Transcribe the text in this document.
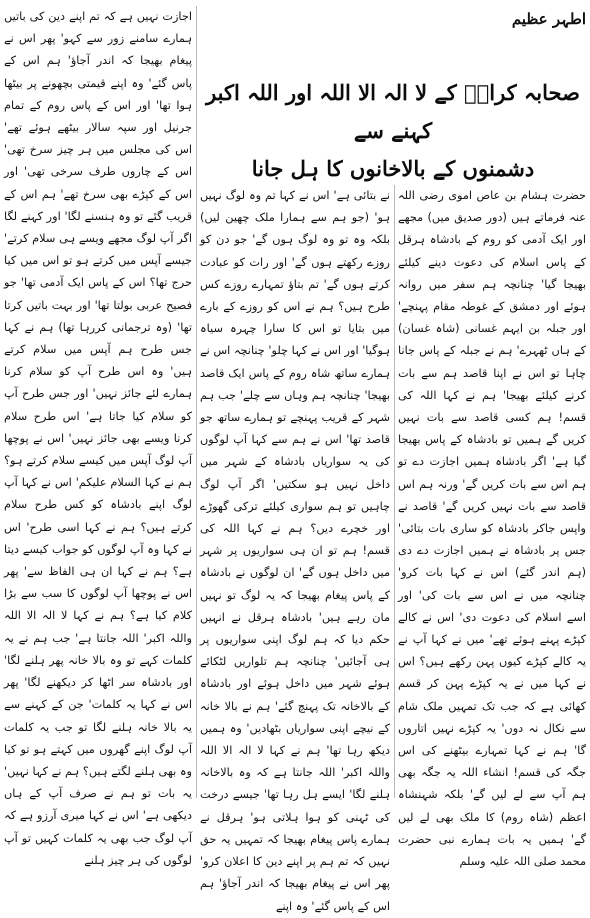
اطہر عظیم
صحابہ کرامؓ کے لا الہ الا اللہ اور اللہ اکبر کہنے سے
دشمنوں کے بالاخانوں کا ہل جانا

حضرت ہشام بن عاص اموی رضی اللہ عنہ فرماتے ہیں (دور صدیق میں) مجھے اور ایک آدمی کو روم کے بادشاہ ہرقل کے پاس اسلام کی دعوت دینے کیلئے بھیجا گیا' چنانچہ ہم سفر میں روانہ ہوئے اور دمشق کے غوطہ مقام پہنچے' اور جبلہ بن ایہم غسانی (شاہ غسان) کے ہاں ٹھہرے' ہم نے جبلہ کے پاس جانا چاہا تو اس نے اپنا قاصد ہم سے بات کرنے کیلئے بھیجا' ہم نے کہا اللہ کی قسم! ہم کسی قاصد سے بات نہیں کریں گے ہمیں تو بادشاہ کے پاس بھیجا گیا ہے' اگر بادشاہ ہمیں اجازت دے تو ہم اس سے بات کریں گے' ورنہ ہم اس قاصد سے بات نہیں کریں گے' قاصد نے واپس جاکر بادشاہ کو ساری بات بتائی' جس پر بادشاہ نے ہمیں اجازت دے دی (ہم اندر گئے) اس نے کہا بات کرو' چنانچہ میں نے اس سے بات کی' اور اسے اسلام کی دعوت دی' اس نے کالے کپڑے پہنے ہوئے تھے' میں نے کہا آپ نے یہ کالے کپڑے کیوں پہن رکھے ہیں؟ اس نے کہا میں نے یہ کپڑے پہن کر قسم کھائی ہے کہ جب تک تمہیں ملک شام سے نکال نہ دوں' یہ کپڑے نہیں اتاروں گا' ہم نے کہا تمہارے بیٹھنے کی اس جگہ کی قسم! انشاء اللہ یہ جگہ بھی ہم آپ سے لے لیں گے' بلکہ شہنشاہ اعظم (شاہ روم) کا ملک بھی لے لیں گے' ہمیں یہ بات ہمارے نبی حضرت محمد صلی اللہ علیہ وسلم

نے بتائی ہے' اس نے کہا تم وہ لوگ نہیں ہو' (جو ہم سے ہمارا ملک چھین لیں) بلکہ وہ تو وہ لوگ ہوں گے' جو دن کو روزے رکھتے ہوں گے' اور رات کو عبادت کرتے ہوں گے' تم بتاؤ تمہارے روزے کس طرح ہیں؟ ہم نے اس کو روزے کے بارے میں بتایا تو اس کا سارا چہرہ سیاہ ہوگیا' اور اس نے کہا چلو' چنانچہ اس نے ہمارے ساتھ شاہ روم کے پاس ایک قاصد بھیجا' چنانچہ ہم وہاں سے چلے' جب ہم شہر کے قریب پہنچے تو ہمارے ساتھ جو قاصد تھا' اس نے ہم سے کہا آپ لوگوں کی یہ سواریاں بادشاہ کے شہر میں داخل نہیں ہو سکتیں' اگر آپ لوگ چاہیں تو ہم سواری کیلئے ترکی گھوڑے اور خچرے دیں؟ ہم نے کہا اللہ کی قسم! ہم تو ان ہی سواریوں پر شہر میں داخل ہوں گے' ان لوگوں نے بادشاہ کے پاس پیغام بھیجا کہ یہ لوگ تو نہیں مان رہے ہیں' بادشاہ ہرقل نے انہیں حکم دیا کہ ہم لوگ اپنی سواریوں پر ہی آجائیں' چنانچہ ہم تلواریں لٹکائے ہوئے شہر میں داخل ہوئے اور بادشاہ کے بالاخانہ تک پہنچ گئے' ہم نے بالا خانہ کے نیچے اپنی سواریاں بٹھادیں' وہ ہمیں دیکھ رہا تھا' ہم نے کہا لا الہ الا اللہ واللہ اکبر' اللہ جانتا ہے کہ وہ بالاخانہ ہلنے لگا' ایسے ہل رہا تھا' جیسے درخت کی ٹہنی کو ہوا ہلاتی ہو' ہرقل نے ہمارے پاس پیغام بھیجا کہ تمہیں یہ حق نہیں کہ تم ہم پر اپنے دین کا اعلان کرو' پھر اس نے پیغام بھیجا کہ اندر آجاؤ' ہم اس کے پاس گئے' وہ اپنے

اجازت نہیں ہے کہ تم اپنے دین کی باتیں ہمارے سامنے زور سے کہو' پھر اس نے پیغام بھیجا کہ اندر آجاؤ' ہم اس کے پاس گئے' وہ اپنے قیمتی بچھونے پر بیٹھا ہوا تھا' اور اس کے پاس روم کے تمام جرنیل اور سپہ سالار بیٹھے ہوئے تھے' اس کی مجلس میں ہر چیز سرخ تھی' اس کے چاروں طرف سرخی تھی' اور اس کے کپڑے بھی سرخ تھے' ہم اس کے قریب گئے تو وہ ہنسنے لگا' اور کہنے لگا اگر آپ لوگ مجھے ویسے ہی سلام کرتے' جیسے آپس میں کرتے ہو تو اس میں کیا حرج تھا؟ اس کے پاس ایک آدمی تھا' جو فصیح عربی بولتا تھا' اور بہت باتیں کرتا تھا' (وہ ترجمانی کررہا تھا) ہم نے کہا جس طرح ہم آپس میں سلام کرتے ہیں' وہ اس طرح آپ کو سلام کرنا ہمارے لئے جائز نہیں' اور جس طرح آپ کو سلام کیا جاتا ہے' اس طرح سلام کرنا ویسے بھی جائز نہیں' اس نے پوچھا آپ لوگ آپس میں کیسے سلام کرتے ہو؟ ہم نے کہا السلام علیکم' اس نے کہا آپ لوگ اپنے بادشاہ کو کس طرح سلام کرتے ہیں؟ ہم نے کہا اسی طرح' اس نے کہا وہ آپ لوگوں کو جواب کیسے دیتا ہے؟ ہم نے کہا ان ہی الفاظ سے' پھر اس نے پوچھا آپ لوگوں کا سب سے بڑا کلام کیا ہے؟ ہم نے کہا لا الہ الا اللہ واللہ اکبر' اللہ جانتا ہے' جب ہم نے یہ کلمات کہے تو وہ بالا خانہ پھر ہلنے لگا' اور بادشاہ سر اٹھا کر دیکھنے لگا' پھر اس نے کہا یہ کلمات' جن کے کہنے سے یہ بالا خانہ ہلنے لگا تو جب یہ کلمات آپ لوگ اپنے گھروں میں کہتے ہو تو کیا وہ بھی ہلنے لگتے ہیں؟ ہم نے کہا نہیں' یہ بات تو ہم نے صرف آپ کے ہاں دیکھی ہے' اس نے کہا میری آرزو ہے کہ آپ لوگ جب بھی یہ کلمات کہیں تو آپ لوگوں کی ہر چیز ہلنے
